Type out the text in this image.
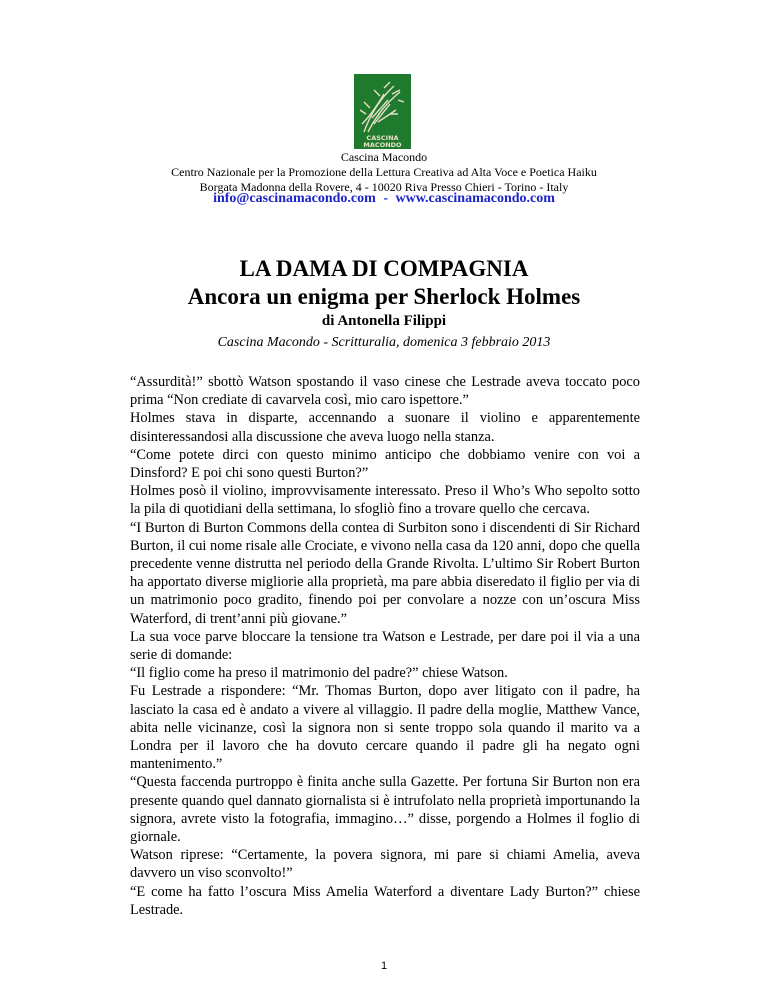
CASCINA
MACONDO
Cascina Macondo
Centro Nazionale per la Promozione della Lettura Creativa ad Alta Voce e Poetica Haiku
Borgata Madonna della Rovere, 4 - 10020 Riva Presso Chieri - Torino - Italy
info@cascinamacondo.com - www.cascinamacondo.com
LA DAMA DI COMPAGNIA
Ancora un enigma per Sherlock Holmes
di Antonella Filippi
Cascina Macondo - Scritturalia, domenica 3 febbraio 2013

“Assurdità!” sbottò Watson spostando il vaso cinese che Lestrade aveva toccato poco prima “Non crediate di cavarvela così, mio caro ispettore.”

Holmes stava in disparte, accennando a suonare il violino e apparentemente disinteressandosi alla discussione che aveva luogo nella stanza.

“Come potete dirci con questo minimo anticipo che dobbiamo venire con voi a Dinsford? E poi chi sono questi Burton?”

Holmes posò il violino, improvvisamente interessato. Preso il Who’s Who sepolto sotto la pila di quotidiani della settimana, lo sfogliò fino a trovare quello che cercava.

“I Burton di Burton Commons della contea di Surbiton sono i discendenti di Sir Richard Burton, il cui nome risale alle Crociate, e vivono nella casa da 120 anni, dopo che quella precedente venne distrutta nel periodo della Grande Rivolta. L’ultimo Sir Robert Burton ha apportato diverse migliorie alla proprietà, ma pare abbia diseredato il figlio per via di un matrimonio poco gradito, finendo poi per convolare a nozze con un’oscura Miss Waterford, di trent’anni più giovane.”

La sua voce parve bloccare la tensione tra Watson e Lestrade, per dare poi il via a una serie di domande:

“Il figlio come ha preso il matrimonio del padre?” chiese Watson.

Fu Lestrade a rispondere: “Mr. Thomas Burton, dopo aver litigato con il padre, ha lasciato la casa ed è andato a vivere al villaggio. Il padre della moglie, Matthew Vance, abita nelle vicinanze, così la signora non si sente troppo sola quando il marito va a Londra per il lavoro che ha dovuto cercare quando il padre gli ha negato ogni mantenimento.”

“Questa faccenda purtroppo è finita anche sulla Gazette. Per fortuna Sir Burton non era presente quando quel dannato giornalista si è intrufolato nella proprietà importunando la signora, avrete visto la fotografia, immagino…” disse, porgendo a Holmes il foglio di giornale.

Watson riprese: “Certamente, la povera signora, mi pare si chiami Amelia, aveva davvero un viso sconvolto!”

“E come ha fatto l’oscura Miss Amelia Waterford a diventare Lady Burton?” chiese Lestrade.

1
